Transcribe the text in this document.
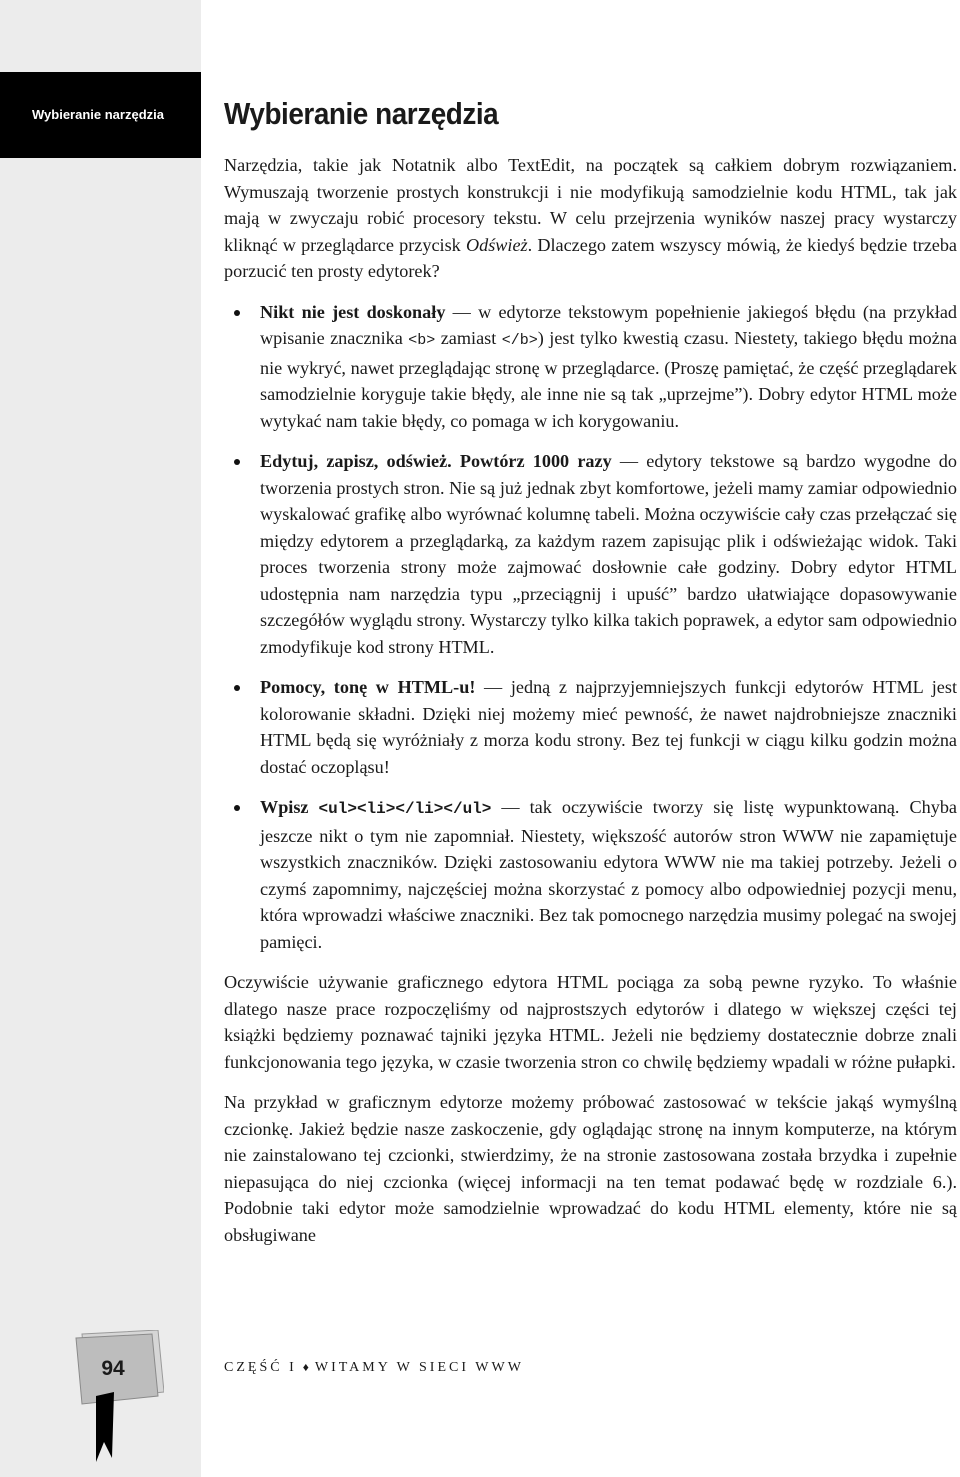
Wybieranie narzędzia	Wybieranie narzędzia

Narzędzia, takie jak Notatnik albo TextEdit, na początek są całkiem dobrym rozwiązaniem. Wymuszają tworzenie prostych konstrukcji i nie modyfikują samodzielnie kodu HTML, tak jak mają w zwyczaju robić procesory tekstu. W celu przejrzenia wyników naszej pracy wystarczy kliknąć w przeglądarce przycisk Odśwież. Dlaczego zatem wszyscy mówią, że kiedyś będzie trzeba porzucić ten prosty edytorek?

Nikt nie jest doskonały — w edytorze tekstowym popełnienie jakiegoś błędu (na przykład wpisanie znacznika <b> zamiast </b>) jest tylko kwestią czasu. Niestety, takiego błędu można nie wykryć, nawet przeglądając stronę w przeglądarce. (Proszę pamiętać, że część przeglądarek samodzielnie koryguje takie błędy, ale inne nie są tak „uprzejme”). Dobry edytor HTML może wytykać nam takie błędy, co pomaga w ich korygowaniu.
Edytuj, zapisz, odśwież. Powtórz 1000 razy — edytory tekstowe są bardzo wygodne do tworzenia prostych stron. Nie są już jednak zbyt komfortowe, jeżeli mamy zamiar odpowiednio wyskalować grafikę albo wyrównać kolumnę tabeli. Można oczywiście cały czas przełączać się między edytorem a przeglądarką, za każdym razem zapisując plik i odświeżając widok. Taki proces tworzenia strony może zajmować dosłownie całe godziny. Dobry edytor HTML udostępnia nam narzędzia typu „przeciągnij i upuść” bardzo ułatwiające dopasowywanie szczegółów wyglądu strony. Wystarczy tylko kilka takich poprawek, a edytor sam odpowiednio zmodyfikuje kod strony HTML.
Pomocy, tonę w HTML-u! — jedną z najprzyjemniejszych funkcji edytorów HTML jest kolorowanie składni. Dzięki niej możemy mieć pewność, że nawet najdrobniejsze znaczniki HTML będą się wyróżniały z morza kodu strony. Bez tej funkcji w ciągu kilku godzin można dostać oczopląsu!
Wpisz <ul><li></li></ul> — tak oczywiście tworzy się listę wypunktowaną. Chyba jeszcze nikt o tym nie zapomniał. Niestety, większość autorów stron WWW nie zapamiętuje wszystkich znaczników. Dzięki zastosowaniu edytora WWW nie ma takiej potrzeby. Jeżeli o czymś zapomnimy, najczęściej można skorzystać z pomocy albo odpowiedniej pozycji menu, która wprowadzi właściwe znaczniki. Bez tak pomocnego narzędzia musimy polegać na swojej pamięci.

Oczywiście używanie graficznego edytora HTML pociąga za sobą pewne ryzyko. To właśnie dlatego nasze prace rozpoczęliśmy od najprostszych edytorów i dlatego w większej części tej książki będziemy poznawać tajniki języka HTML. Jeżeli nie będziemy dostatecznie dobrze znali funkcjonowania tego języka, w czasie tworzenia stron co chwilę będziemy wpadali w różne pułapki.

Na przykład w graficznym edytorze możemy próbować zastosować w tekście jakąś wymyślną czcionkę. Jakież będzie nasze zaskoczenie, gdy oglądając stronę na innym komputerze, na którym nie zainstalowano tej czcionki, stwierdzimy, że na stronie zastosowana została brzydka i zupełnie niepasująca do niej czcionka (więcej informacji na ten temat podawać będę w rozdziale 6.). Podobnie taki edytor może samodzielnie wprowadzać do kodu HTML elementy, które nie są obsługiwane

94	CZĘŚĆ I ♦ WITAMY W SIECI WWW
